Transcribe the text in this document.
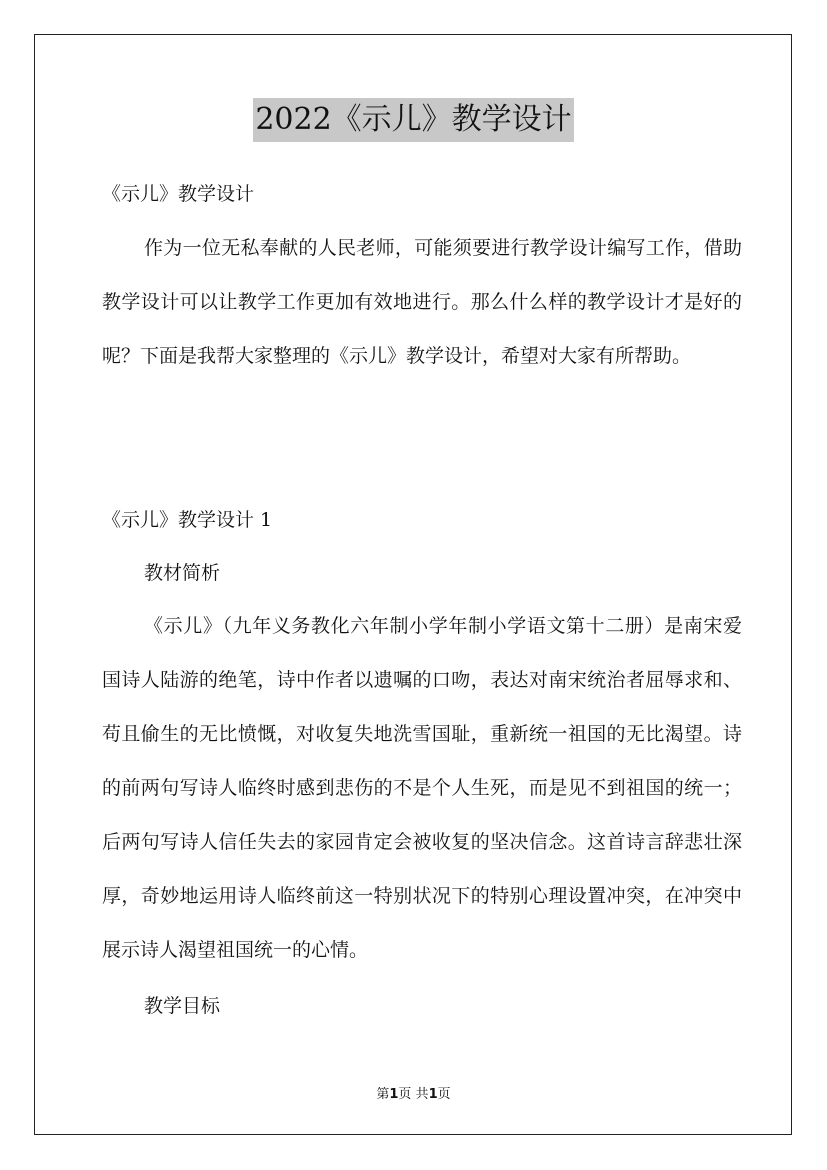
2022《示儿》教学设计
《示儿》教学设计
作为一位无私奉献的人民老师，可能须要进行教学设计编写工作，借助教学设计可以让教学工作更加有效地进行。那么什么样的教学设计才是好的呢？下面是我帮大家整理的《示儿》教学设计，希望对大家有所帮助。
《示儿》教学设计 1
教材简析
《示儿》（九年义务教化六年制小学年制小学语文第十二册）是南宋爱国诗人陆游的绝笔，诗中作者以遗嘱的口吻，表达对南宋统治者屈辱求和、苟且偷生的无比愤慨，对收复失地洗雪国耻，重新统一祖国的无比渴望。诗的前两句写诗人临终时感到悲伤的不是个人生死，而是见不到祖国的统一；后两句写诗人信任失去的家园肯定会被收复的坚决信念。这首诗言辞悲壮深厚，奇妙地运用诗人临终前这一特别状况下的特别心理设置冲突，在冲突中展示诗人渴望祖国统一的心情。
教学目标
第1页 共1页
